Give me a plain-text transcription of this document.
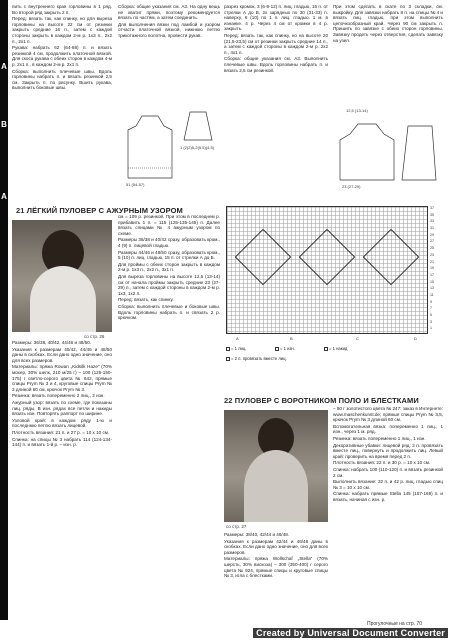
А
В
А

пить с внутреннего края горловины в 1 ряд. Во второй ряд закрыть 2 п.

Перед: вязать так, как спинку, но для выреза горловины на высоте 22 см от резинки закрыть средние 16 п., затем с каждой стороны закрыть в каждом 2-м р. 1х3 п., 2х2 п., 2х1 п.

Рукава: набрать 62 (64-68) п. и вязать резинкой 4 см, продолжить платочной вязкой. Для скоса рукава с обеих сторон в каждом 4-м р. 2х1 п., в каждом 2-м р. 2х1 п.

Сборка: выполнить плечевые швы. Вдоль горловины набрать п. и вязать резинкой 2,5 см. Закрыть п. по рисунку. Вшить рукава, выполнить боковые швы.

Сборка: общие указания см. А3. На одну вещь не хватит пряжи, поэтому рекомендуется вязать по частям, а затем соединить.

Для выполнения вязки под ламбой и узором отчасти платочной вязкой, нижнюю петлю трикотажного полотна, провести рукав.

51 (54-57)
1 (2(2)5-2(5.5)(4.5)

разрез кромок, 3 (6-8-12) п. лиц. гладью, 15 п. от стрелки А до В, 2х зарядных по 30 (31-33) п. наверху, 6 (10) по 1 п. лиц. гладью. 1 м. в изнанке. 4 р. Через 4 см от кромки в 4 р. закрыть.

Перед: вязать так, как спинку, но на высоте 20 (21,5-23,5) см от резинки закрыть средние 14 п., а затем с каждой стороны в каждом 2-м р. 2х2 п., 4х1 п.

Сборка: общие указания см. А3. Выполнить плечевые швы. Вдоль горловины набрать п. и вязать 2,5 см резинкой.

При этом сделать в скате по 3 складки, см. выкройку. Для завязки набрать 8 п. на спицы № 4 и вязать лиц. гладью, при этом выполнить цепочкообразный край. Через 90 см закрыть п. Пришить по завязке с обеих сторон горловины. Завязку продеть через отверстия, сделать завязку на узел.

12,5 (13-14)
23 (27-29)
21 ЛЁГКИЙ ПУЛОВЕР С АЖУРНЫМ УЗОРОМ
со стр. 26

Размеры: 36/38, 40/42, 44/46 и 48/50.

Указания к размерам 40/42, 44/46 и 48/50 даны в скобках. Если дано одно значение, оно для всех размеров.

Материалы: пряжа Rowan „Kidsilk Haze" (70% мохер, 30% шелк, 210 м/25 г) – 100 (125-150-175) г светло-серого цвета № 642, прямые спицы Prym № 3 и 4, круговые спицы Prym № 3 длиной 60 см, крючок Prym № 3.

Резинка: вязать попеременно 2 лиц., 2 изн.

Ажурный узор: вязать по схеме, где показаны лиц. ряды. В изн. рядах все петли и накиды вязать изн. Повторять раппорт по ширине.

Узловой край: в каждом ряду 1-ю и последнюю петлю вязать лицевой.

Плотность вязания: 21 п. и 27 р. = 10 х 10 см.

Спинка: на спицы № 3 набрать 114 (124-134-144) п. и вязать 1-й р. – изн. р.

см = 109 р. резинкой. При этом в последнем р. прибавить 1 п. = 115 (125-135-145) п. Далее вязать спицами № 4 ажурным узором по схеме.

Размеры 36/38 и 40/42 сразу, образовать кром., 4 (9) п. лицевой гладью.

Размеры 44/46 и 48/50 сразу, образовать кром., 5 (10) п. лиц. гладью, 15 п. от стрелки А до Б.

Для проймы с обеих сторон закрыть в каждом 2-м р. 1х3 п., 2х2 п., 3х1 п.

Для выреза горловины на высоте 12,5 (13-14) см от начала проймы закрыть средние 23 (27-29) п., затем с каждой стороны в каждом 2-м р. 1х3, 1х2 п.

Перед: вязать, как спинку.

Сборка: выполнить плечевые и боковые швы. Вдоль горловины набрать п. и связать 2 р. крючком.

37
35
33
31
29
27
25
23
21
19
17
15
13
11
9
7
5
3
1
A	B	C	D
= 1 лиц.	= 1 изн.	= 1 накид
= 2 п. провязать вместе лиц.
22 ПУЛОВЕР С ВОРОТНИКОМ ПОЛО И БЛЕСТКАМИ
со стр. 27

Размеры: 38/40, 42/44 и 46/48.

Указания к размерам 42/44 и 46/48 даны в скобках. Если дано одно значение, оно для всех размеров.

Материалы: пряжа Wollschaf „Stella" (70% шерсть, 30% вискоза) – 300 (350-400) г серого цвета № 924, прямые спицы и круговые спицы № 3, игла с блестками.

– 50 г золотистого цвета № 247: заказ в Интернете: www.maschenkunst.de; прямые спицы Prym № 3,5, крючок Prym № 3 длиной 60 см.

Вспомогательная вязка: попеременно 1 лиц., 1 изн., через 1 м. ряд.

Резинка: вязать попеременно 1 лиц., 1 изн.

Декоративные убавки: лицевой ряд: 2 п. провязать вместе лиц., повернуть и продолжить лиц. Левый край: проверить на время перед 2 п.

Плотность вязания: 22 п. и 30 р. = 10 х 10 см.

Спинка: набрать 100 (110-120) п. и вязать резинкой 2 см.

Выполнить вязание: 32 п. и 42 р. лиц. гладью спиц № 3 = 10 х 10 см.

Спинка: набрать прямые Stella 145 (157-169) п. и вязать, начиная с изн. р.

Прогулочные на стр. 70
Created by Universal Document Converter
